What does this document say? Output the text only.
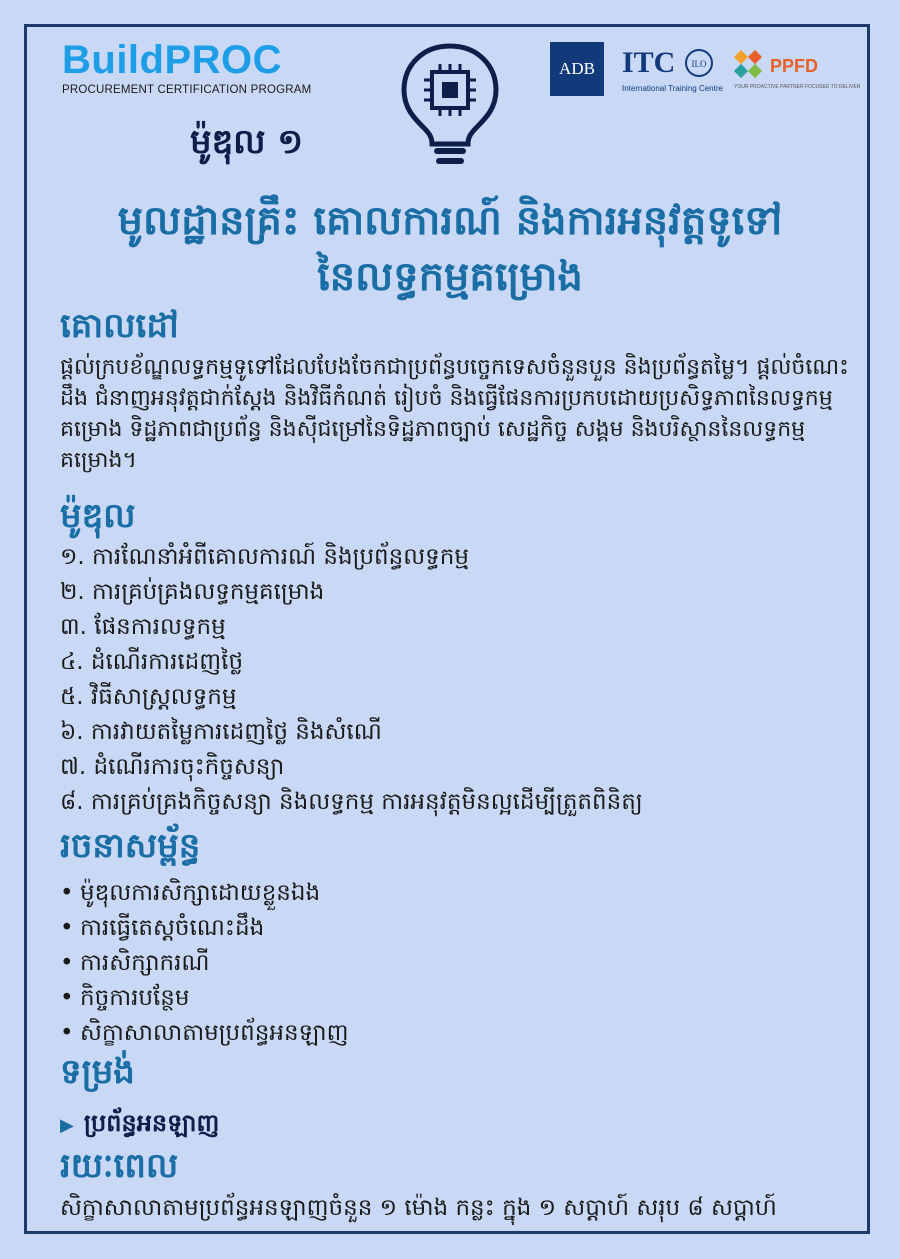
BuildPROC
PROCUREMENT CERTIFICATION PROGRAM
ម៉ូឌុល ១
ADB ITC ILO
International Training Centre
PPFD
YOUR PROACTIVE PARTNER FOCUSED TO DELIVER
មូលដ្ឋានគ្រឹះ គោលការណ៍ និងការអនុវត្តទូទៅ
នៃលទ្ធកម្មគម្រោង
គោលដៅ
ផ្តល់ក្របខ័ណ្ឌលទ្ធកម្មទូទៅដែលបែងចែកជាប្រព័ន្ធបច្ចេកទេសចំនួនបួន និងប្រព័ន្ធតម្លៃ។ ផ្តល់ចំណេះដឹង ជំនាញអនុវត្តជាក់ស្តែង និងវិធីកំណត់ រៀបចំ និងធ្វើផែនការប្រកបដោយប្រសិទ្ធភាពនៃលទ្ធកម្មគម្រោង ទិដ្ឋភាពជាប្រព័ន្ធ និងស៊ីជម្រៅនៃទិដ្ឋភាពច្បាប់ សេដ្ឋកិច្ច សង្គម និងបរិស្ថាននៃលទ្ធកម្មគម្រោង។
ម៉ូឌុល
១. ការណែនាំអំពីគោលការណ៍ និងប្រព័ន្ធលទ្ធកម្ម
២. ការគ្រប់គ្រងលទ្ធកម្មគម្រោង
៣. ផែនការលទ្ធកម្ម
៤. ដំណើរការដេញថ្លៃ
៥. វិធីសាស្រ្តលទ្ធកម្ម
៦. ការវាយតម្លៃការដេញថ្លៃ និងសំណើ
៧. ដំណើរការចុះកិច្ចសន្យា
៨. ការគ្រប់គ្រងកិច្ចសន្យា និងលទ្ធកម្ម ការអនុវត្តមិនល្អដើម្បីត្រួតពិនិត្យ
រចនាសម្ព័ន្ធ
• ម៉ូឌុលការសិក្សាដោយខ្លួនឯង
• ការធ្វើតេស្តចំណេះដឹង
• ការសិក្សាករណី
• កិច្ចការបន្ថែម
• សិក្ខាសាលាតាមប្រព័ន្ធអនឡាញ
ទម្រង់
▶ ប្រព័ន្ធអនឡាញ
រយៈពេល
សិក្ខាសាលាតាមប្រព័ន្ធអនឡាញចំនួន ១ ម៉ោង កន្លះ ក្នុង ១ សប្តាហ៍ សរុប ៨ សប្តាហ៍
